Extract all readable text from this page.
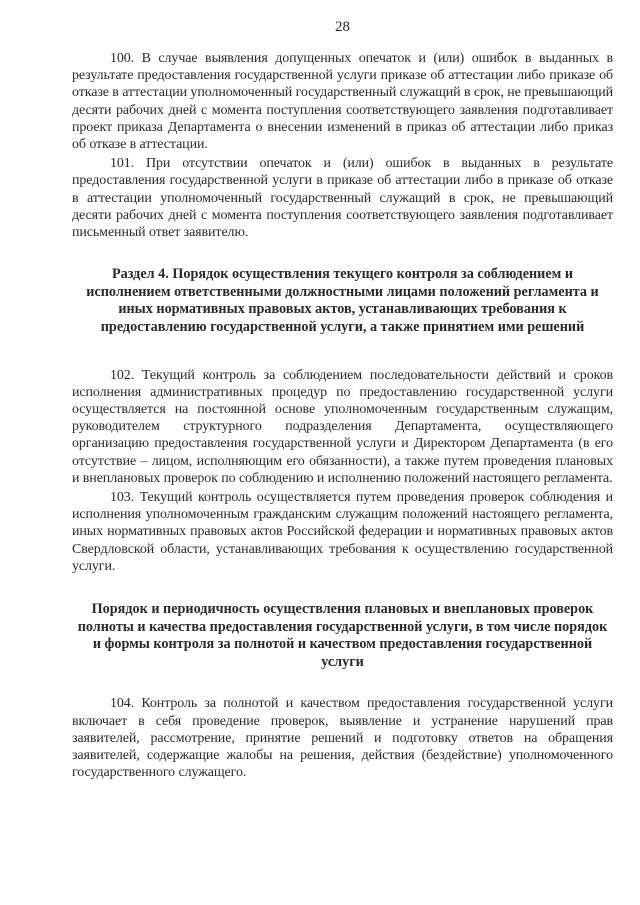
28

100. В случае выявления допущенных опечаток и (или) ошибок в выданных в результате предоставления государственной услуги приказе об аттестации либо приказе об отказе в аттестации уполномоченный государственный служащий в срок, не превышающий десяти рабочих дней с момента поступления соответствующего заявления подготавливает проект приказа Департамента о внесении изменений в приказ об аттестации либо приказ об отказе в аттестации.

101. При отсутствии опечаток и (или) ошибок в выданных в результате предоставления государственной услуги в приказе об аттестации либо в приказе об отказе в аттестации уполномоченный государственный служащий в срок, не превышающий десяти рабочих дней с момента поступления соответствующего заявления подготавливает письменный ответ заявителю.

Раздел 4. Порядок осуществления текущего контроля за соблюдением и исполнением ответственными должностными лицами положений регламента и иных нормативных правовых актов, устанавливающих требования к предоставлению государственной услуги, а также принятием ими решений

102. Текущий контроль за соблюдением последовательности действий и сроков исполнения административных процедур по предоставлению государственной услуги осуществляется на постоянной основе уполномоченным государственным служащим, руководителем структурного подразделения Департамента, осуществляющего организацию предоставления государственной услуги и Директором Департамента (в его отсутствие – лицом, исполняющим его обязанности), а также путем проведения плановых и внеплановых проверок по соблюдению и исполнению положений настоящего регламента.

103. Текущий контроль осуществляется путем проведения проверок соблюдения и исполнения уполномоченным гражданским служащим положений настоящего регламента, иных нормативных правовых актов Российской федерации и нормативных правовых актов Свердловской области, устанавливающих требования к осуществлению государственной услуги.

Порядок и периодичность осуществления плановых и внеплановых проверок полноты и качества предоставления государственной услуги, в том числе порядок и формы контроля за полнотой и качеством предоставления государственной услуги

104. Контроль за полнотой и качеством предоставления государственной услуги включает в себя проведение проверок, выявление и устранение нарушений прав заявителей, рассмотрение, принятие решений и подготовку ответов на обращения заявителей, содержащие жалобы на решения, действия (бездействие) уполномоченного государственного служащего.
